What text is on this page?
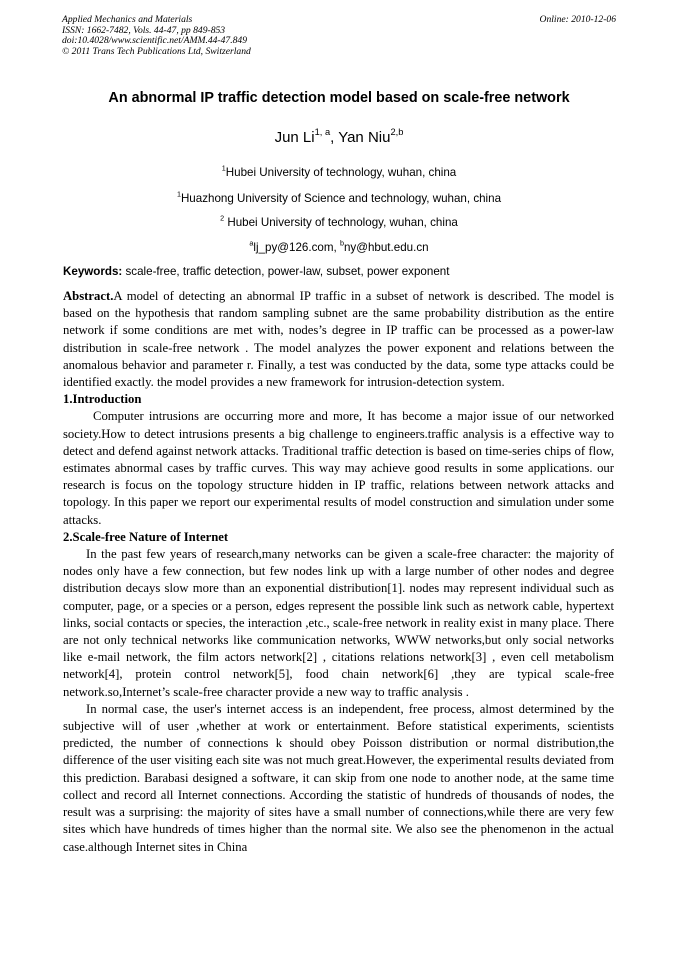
Applied Mechanics and Materials
ISSN: 1662-7482, Vols. 44-47, pp 849-853
doi:10.4028/www.scientific.net/AMM.44-47.849
© 2011 Trans Tech Publications Ltd, Switzerland
Online: 2010-12-06
An abnormal IP traffic detection model based on scale-free network
Jun Li$^{1, a}$, Yan Niu$^{2,b}$
$^1$Hubei University of technology, wuhan, china
$^1$Huazhong University of Science and technology, wuhan, china
$^2$ Hubei University of technology, wuhan, china
$^a$lj_py@126.com, $^b$ny@hbut.edu.cn
Keywords: scale-free, traffic detection, power-law, subset, power exponent

Abstract.A model of detecting an abnormal IP traffic in a subset of network is described. The model is based on the hypothesis that random sampling subnet are the same probability distribution as the entire network if some conditions are met with, nodes’s degree in IP traffic can be processed as a power-law distribution in scale-free network . The model analyzes the power exponent and relations between the anomalous behavior and parameter r. Finally, a test was conducted by the data, some type attacks could be identified exactly. the model provides a new framework for intrusion-detection system.

1.Introduction

Computer intrusions are occurring more and more, It has become a major issue of our networked society.How to detect intrusions presents a big challenge to engineers.traffic analysis is a effective way to detect and defend against network attacks. Traditional traffic detection is based on time-series chips of flow, estimates abnormal cases by traffic curves. This way may achieve good results in some applications. our research is focus on the topology structure hidden in IP traffic, relations between network attacks and topology. In this paper we report our experimental results of model construction and simulation under some attacks.

2.Scale-free Nature of Internet

In the past few years of research,many networks can be given a scale-free character: the majority of nodes only have a few connection, but few nodes link up with a large number of other nodes and degree distribution decays slow more than an exponential distribution[1]. nodes may represent individual such as computer, page, or a species or a person, edges represent the possible link such as network cable, hypertext links, social contacts or species, the interaction ,etc., scale-free network in reality exist in many place. There are not only technical networks like communication networks, WWW networks,but only social networks like e-mail network, the film actors network[2] , citations relations network[3] , even cell metabolism network[4], protein control network[5], food chain network[6] ,they are typical scale-free network.so,Internet’s scale-free character provide a new way to traffic analysis .

In normal case, the user's internet access is an independent, free process, almost determined by the subjective will of user ,whether at work or entertainment. Before statistical experiments, scientists predicted, the number of connections k should obey Poisson distribution or normal distribution,the difference of the user visiting each site was not much great.However, the experimental results deviated from this prediction. Barabasi designed a software, it can skip from one node to another node, at the same time collect and record all Internet connections. According the statistic of hundreds of thousands of nodes, the result was a surprising: the majority of sites have a small number of connections,while there are very few sites which have hundreds of times higher than the normal site. We also see the phenomenon in the actual case.although Internet sites in China
